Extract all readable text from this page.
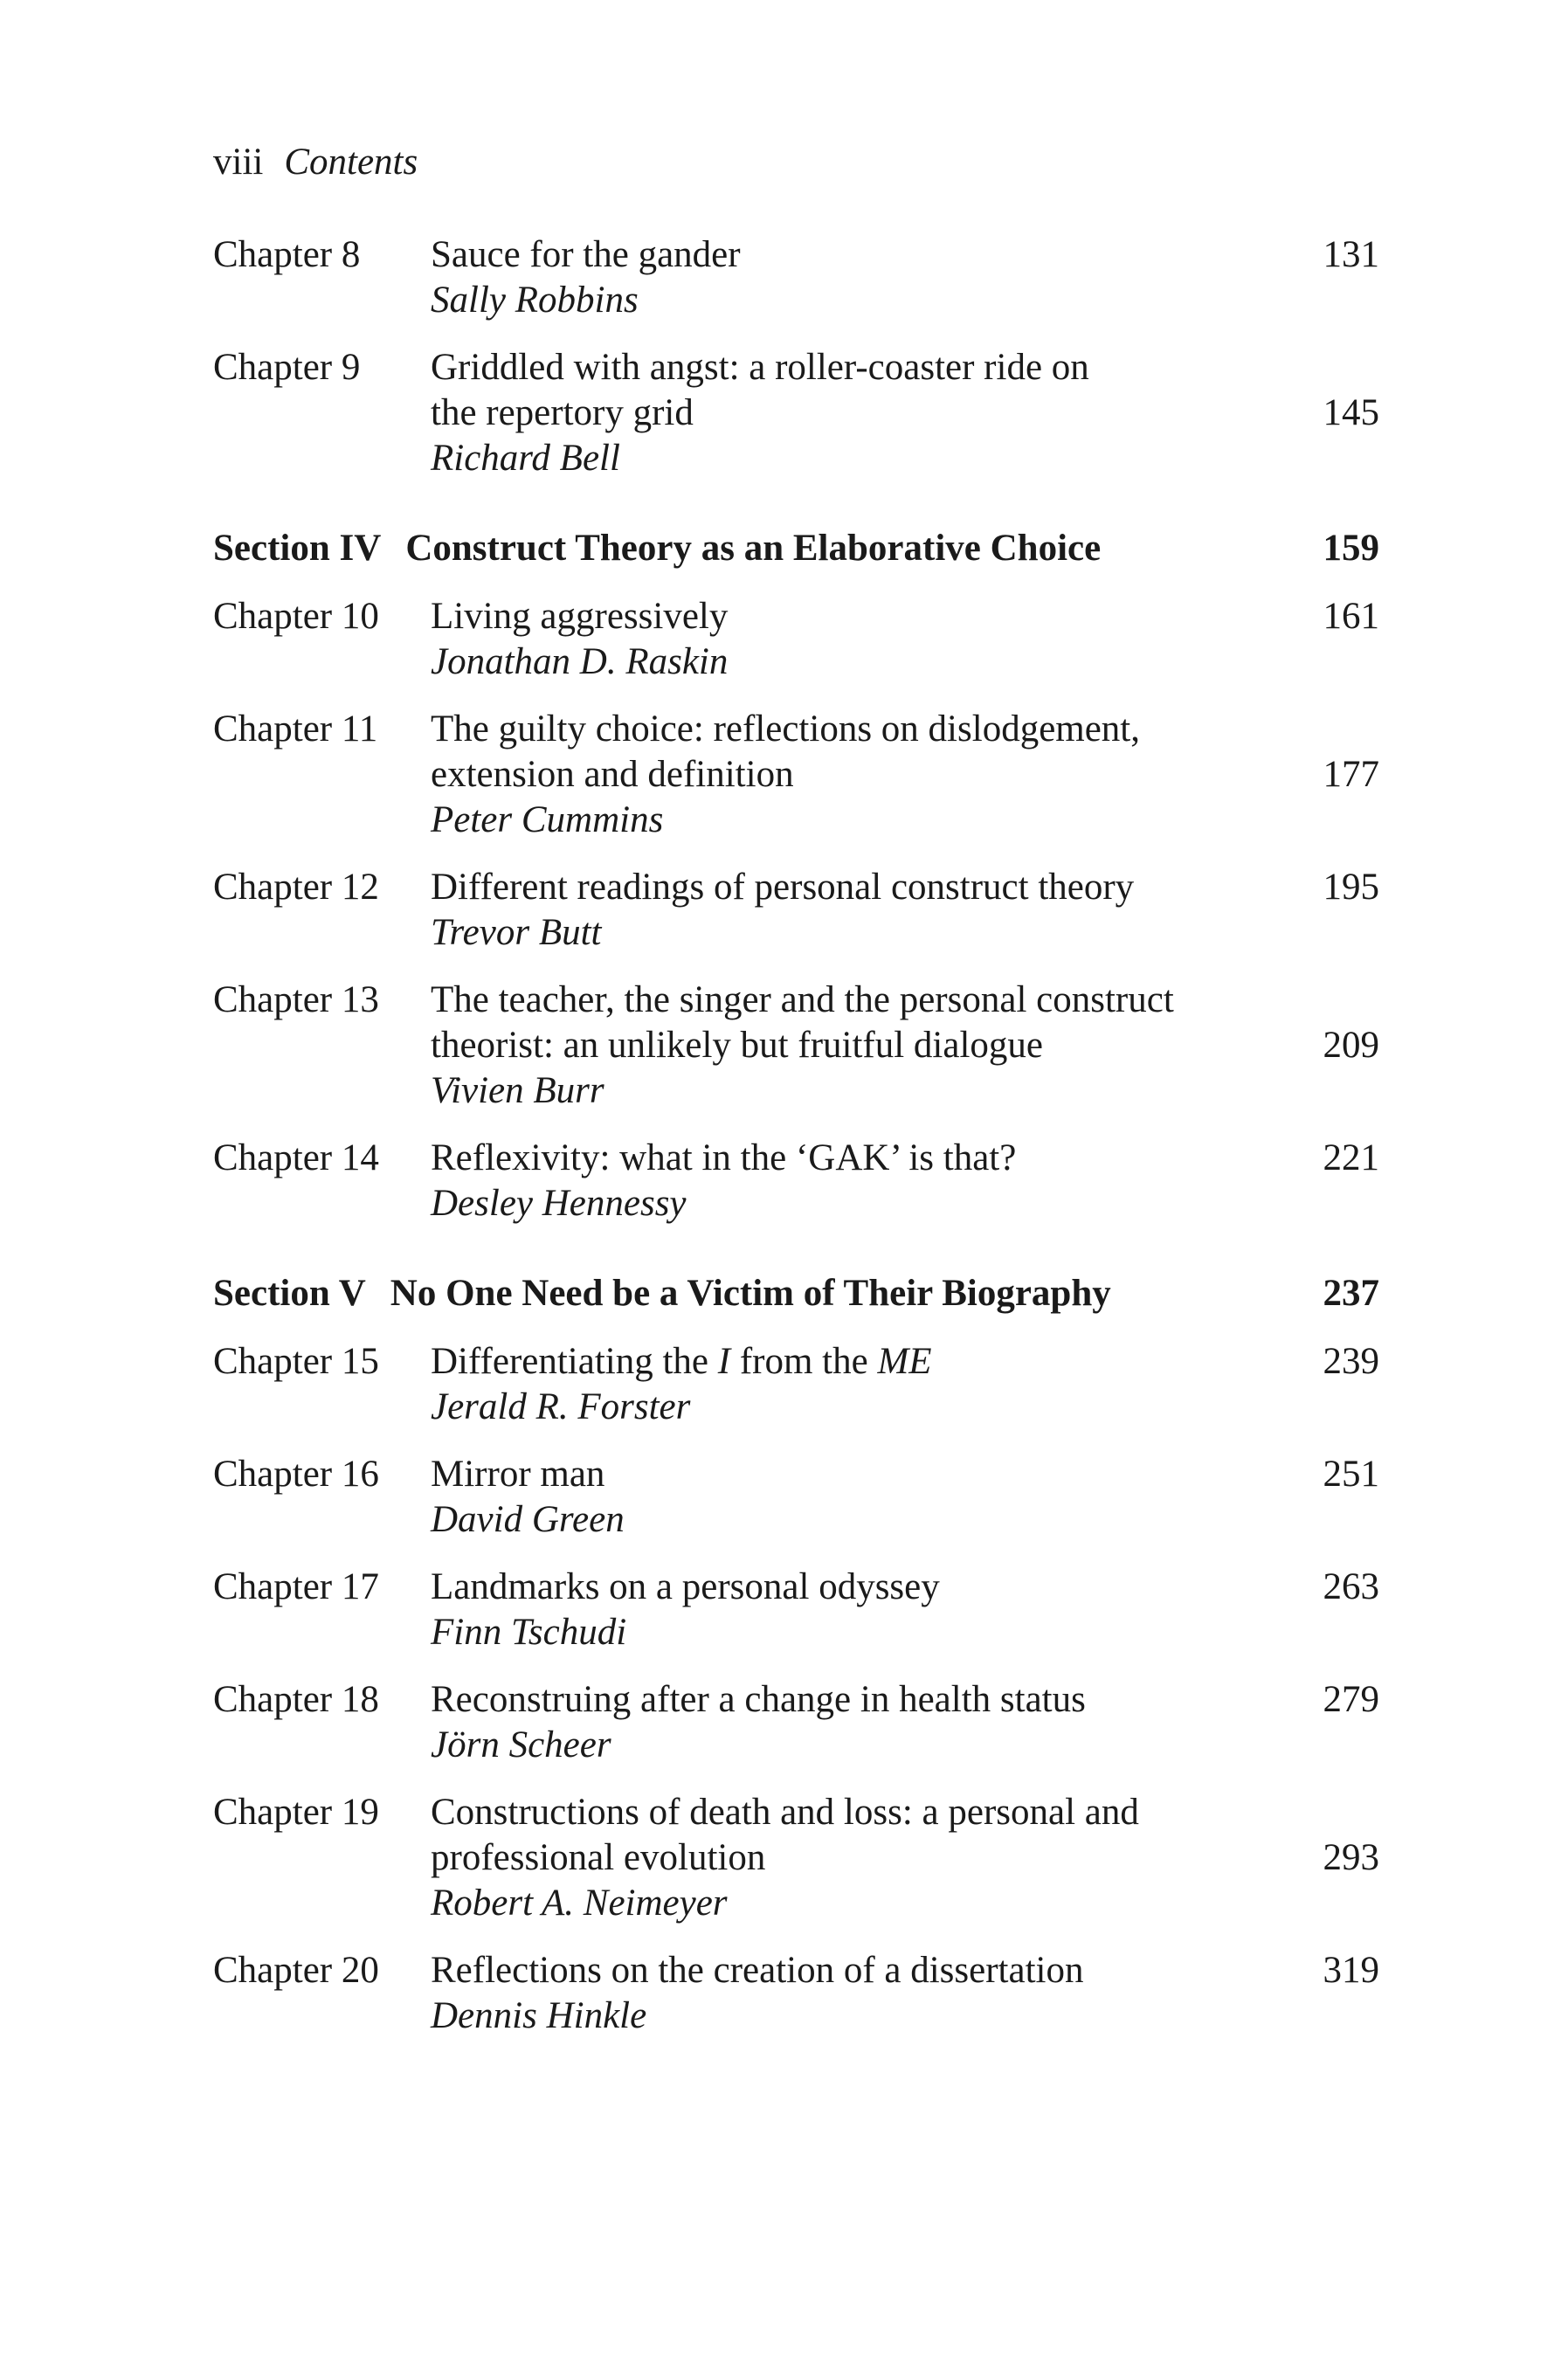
viii Contents
Chapter 8 Sauce for the gander
Sally Robbins
131
Chapter 9 Griddled with angst: a roller-coaster ride on
the repertory grid
Richard Bell
145
Section IV Construct Theory as an Elaborative Choice	159
Chapter 10 Living aggressively
Jonathan D. Raskin
161
Chapter 11 The guilty choice: reflections on dislodgement,
extension and definition
Peter Cummins
177
Chapter 12 Different readings of personal construct theory
Trevor Butt
195
Chapter 13 The teacher, the singer and the personal construct
theorist: an unlikely but fruitful dialogue
Vivien Burr
209
Chapter 14 Reflexivity: what in the ‘GAK’ is that?
Desley Hennessy
221
Section V No One Need be a Victim of Their Biography	237
Chapter 15 Differentiating the I from the ME
Jerald R. Forster
239
Chapter 16 Mirror man
David Green
251
Chapter 17 Landmarks on a personal odyssey
Finn Tschudi
263
Chapter 18 Reconstruing after a change in health status
Jörn Scheer
279
Chapter 19 Constructions of death and loss: a personal and
professional evolution
Robert A. Neimeyer
293
Chapter 20 Reflections on the creation of a dissertation
Dennis Hinkle
319
